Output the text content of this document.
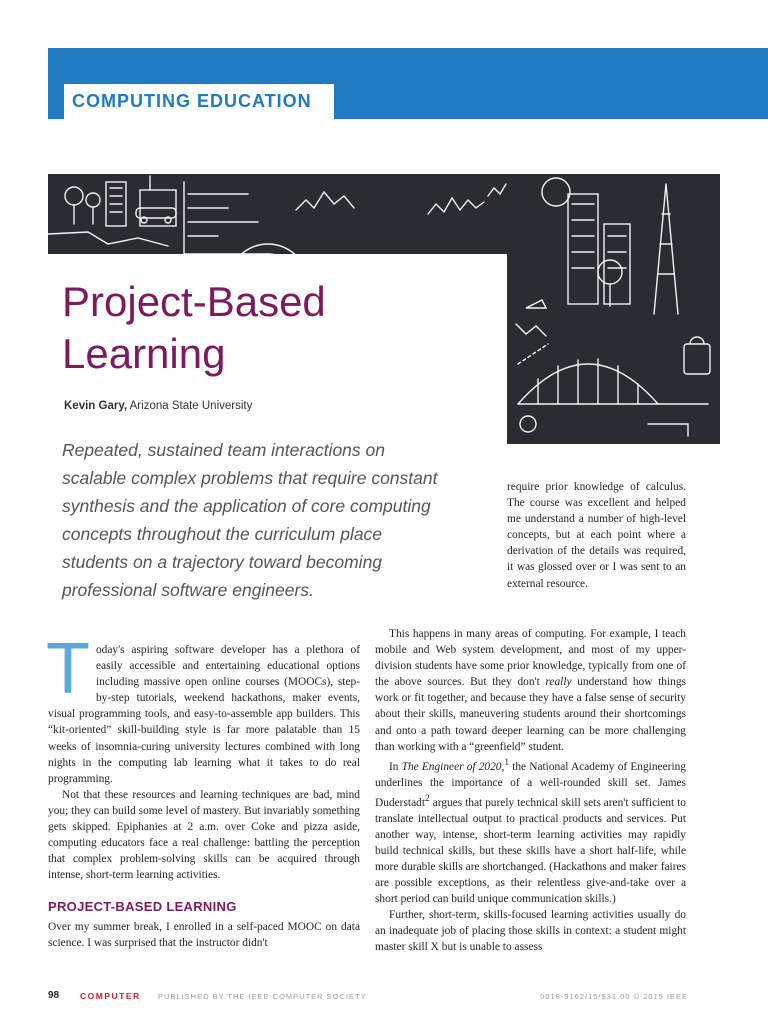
COMPUTING EDUCATION
Project-Based
Learning
Kevin Gary, Arizona State University
Repeated, sustained team interactions on scalable complex problems that require constant synthesis and the application of core computing concepts throughout the curriculum place students on a trajectory toward becoming professional software engineers.

require prior knowledge of calculus. The course was excellent and helped me understand a number of high-level concepts, but at each point where a derivation of the details was required, it was glossed over or I was sent to an external resource.

Today's aspiring software developer has a plethora of easily accessible and entertaining educational options including massive open online courses (MOOCs), step-by-step tutorials, weekend hackathons, maker events, visual programming tools, and easy-to-assemble app builders. This “kit-oriented” skill-building style is far more palatable than 15 weeks of insomnia-curing university lectures combined with long nights in the computing lab learning what it takes to do real programming.

Not that these resources and learning techniques are bad, mind you; they can build some level of mastery. But invariably something gets skipped. Epiphanies at 2 a.m. over Coke and pizza aside, computing educators face a real challenge: battling the perception that complex problem-solving skills can be acquired through intense, short-term learning activities.

PROJECT-BASED LEARNING

Over my summer break, I enrolled in a self-paced MOOC on data science. I was surprised that the instructor didn't

This happens in many areas of computing. For example, I teach mobile and Web system development, and most of my upper-division students have some prior knowledge, typically from one of the above sources. But they don't really understand how things work or fit together, and because they have a false sense of security about their skills, maneuvering students around their shortcomings and onto a path toward deeper learning can be more challenging than working with a “greenfield” student.

In The Engineer of 2020,$^1$ the National Academy of Engineering underlines the importance of a well-rounded skill set. James Duderstadt$^2$ argues that purely technical skill sets aren't sufficient to translate intellectual output to practical products and services. Put another way, intense, short-term learning activities may rapidly build technical skills, but these skills have a short half-life, while more durable skills are shortchanged. (Hackathons and maker faires are possible exceptions, as their relentless give-and-take over a short period can build unique communication skills.)

Further, short-term, skills-focused learning activities usually do an inadequate job of placing those skills in context: a student might master skill X but is unable to assess

98 COMPUTER PUBLISHED BY THE IEEE COMPUTER SOCIETY	0018-9162/15/$31.00 © 2015 IEEE
